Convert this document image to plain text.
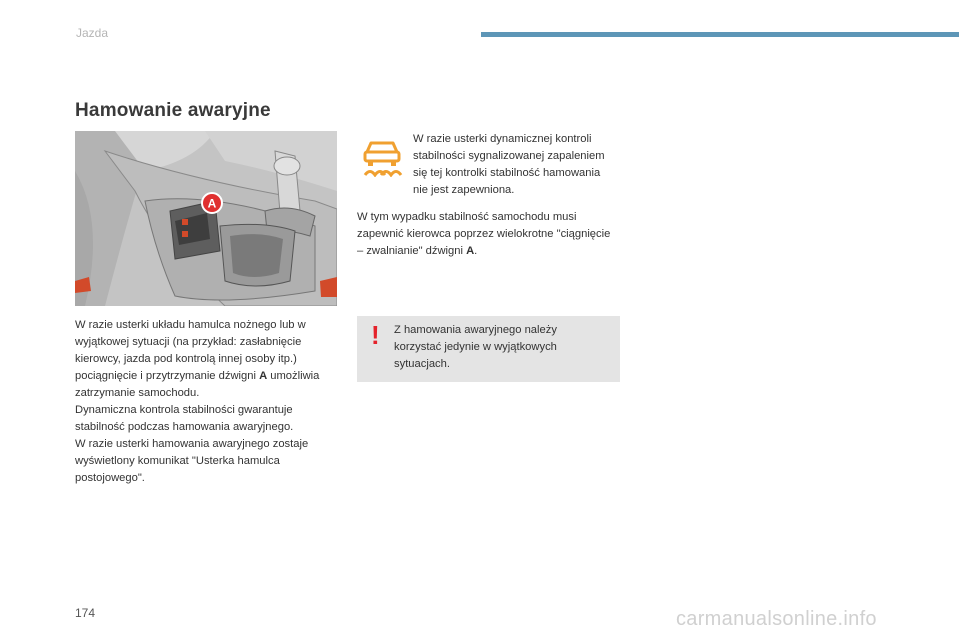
Jazda
Hamowanie awaryjne
A
W razie usterki układu hamulca nożnego lub w wyjątkowej sytuacji (na przykład: zasłabnięcie kierowcy, jazda pod kontrolą innej osoby itp.) pociągnięcie i przytrzymanie dźwigni A umożliwia zatrzymanie samochodu.
Dynamiczna kontrola stabilności gwarantuje stabilność podczas hamowania awaryjnego.
W razie usterki hamowania awaryjnego zostaje wyświetlony komunikat "Usterka hamulca postojowego".
W razie usterki dynamicznej kontroli stabilności sygnalizowanej zapaleniem się tej kontrolki stabilność hamowania nie jest zapewniona.
W tym wypadku stabilność samochodu musi zapewnić kierowca poprzez wielokrotne "ciągnięcie – zwalnianie" dźwigni A.
! Z hamowania awaryjnego należy korzystać jedynie w wyjątkowych sytuacjach.
174	carmanualsonline.info
